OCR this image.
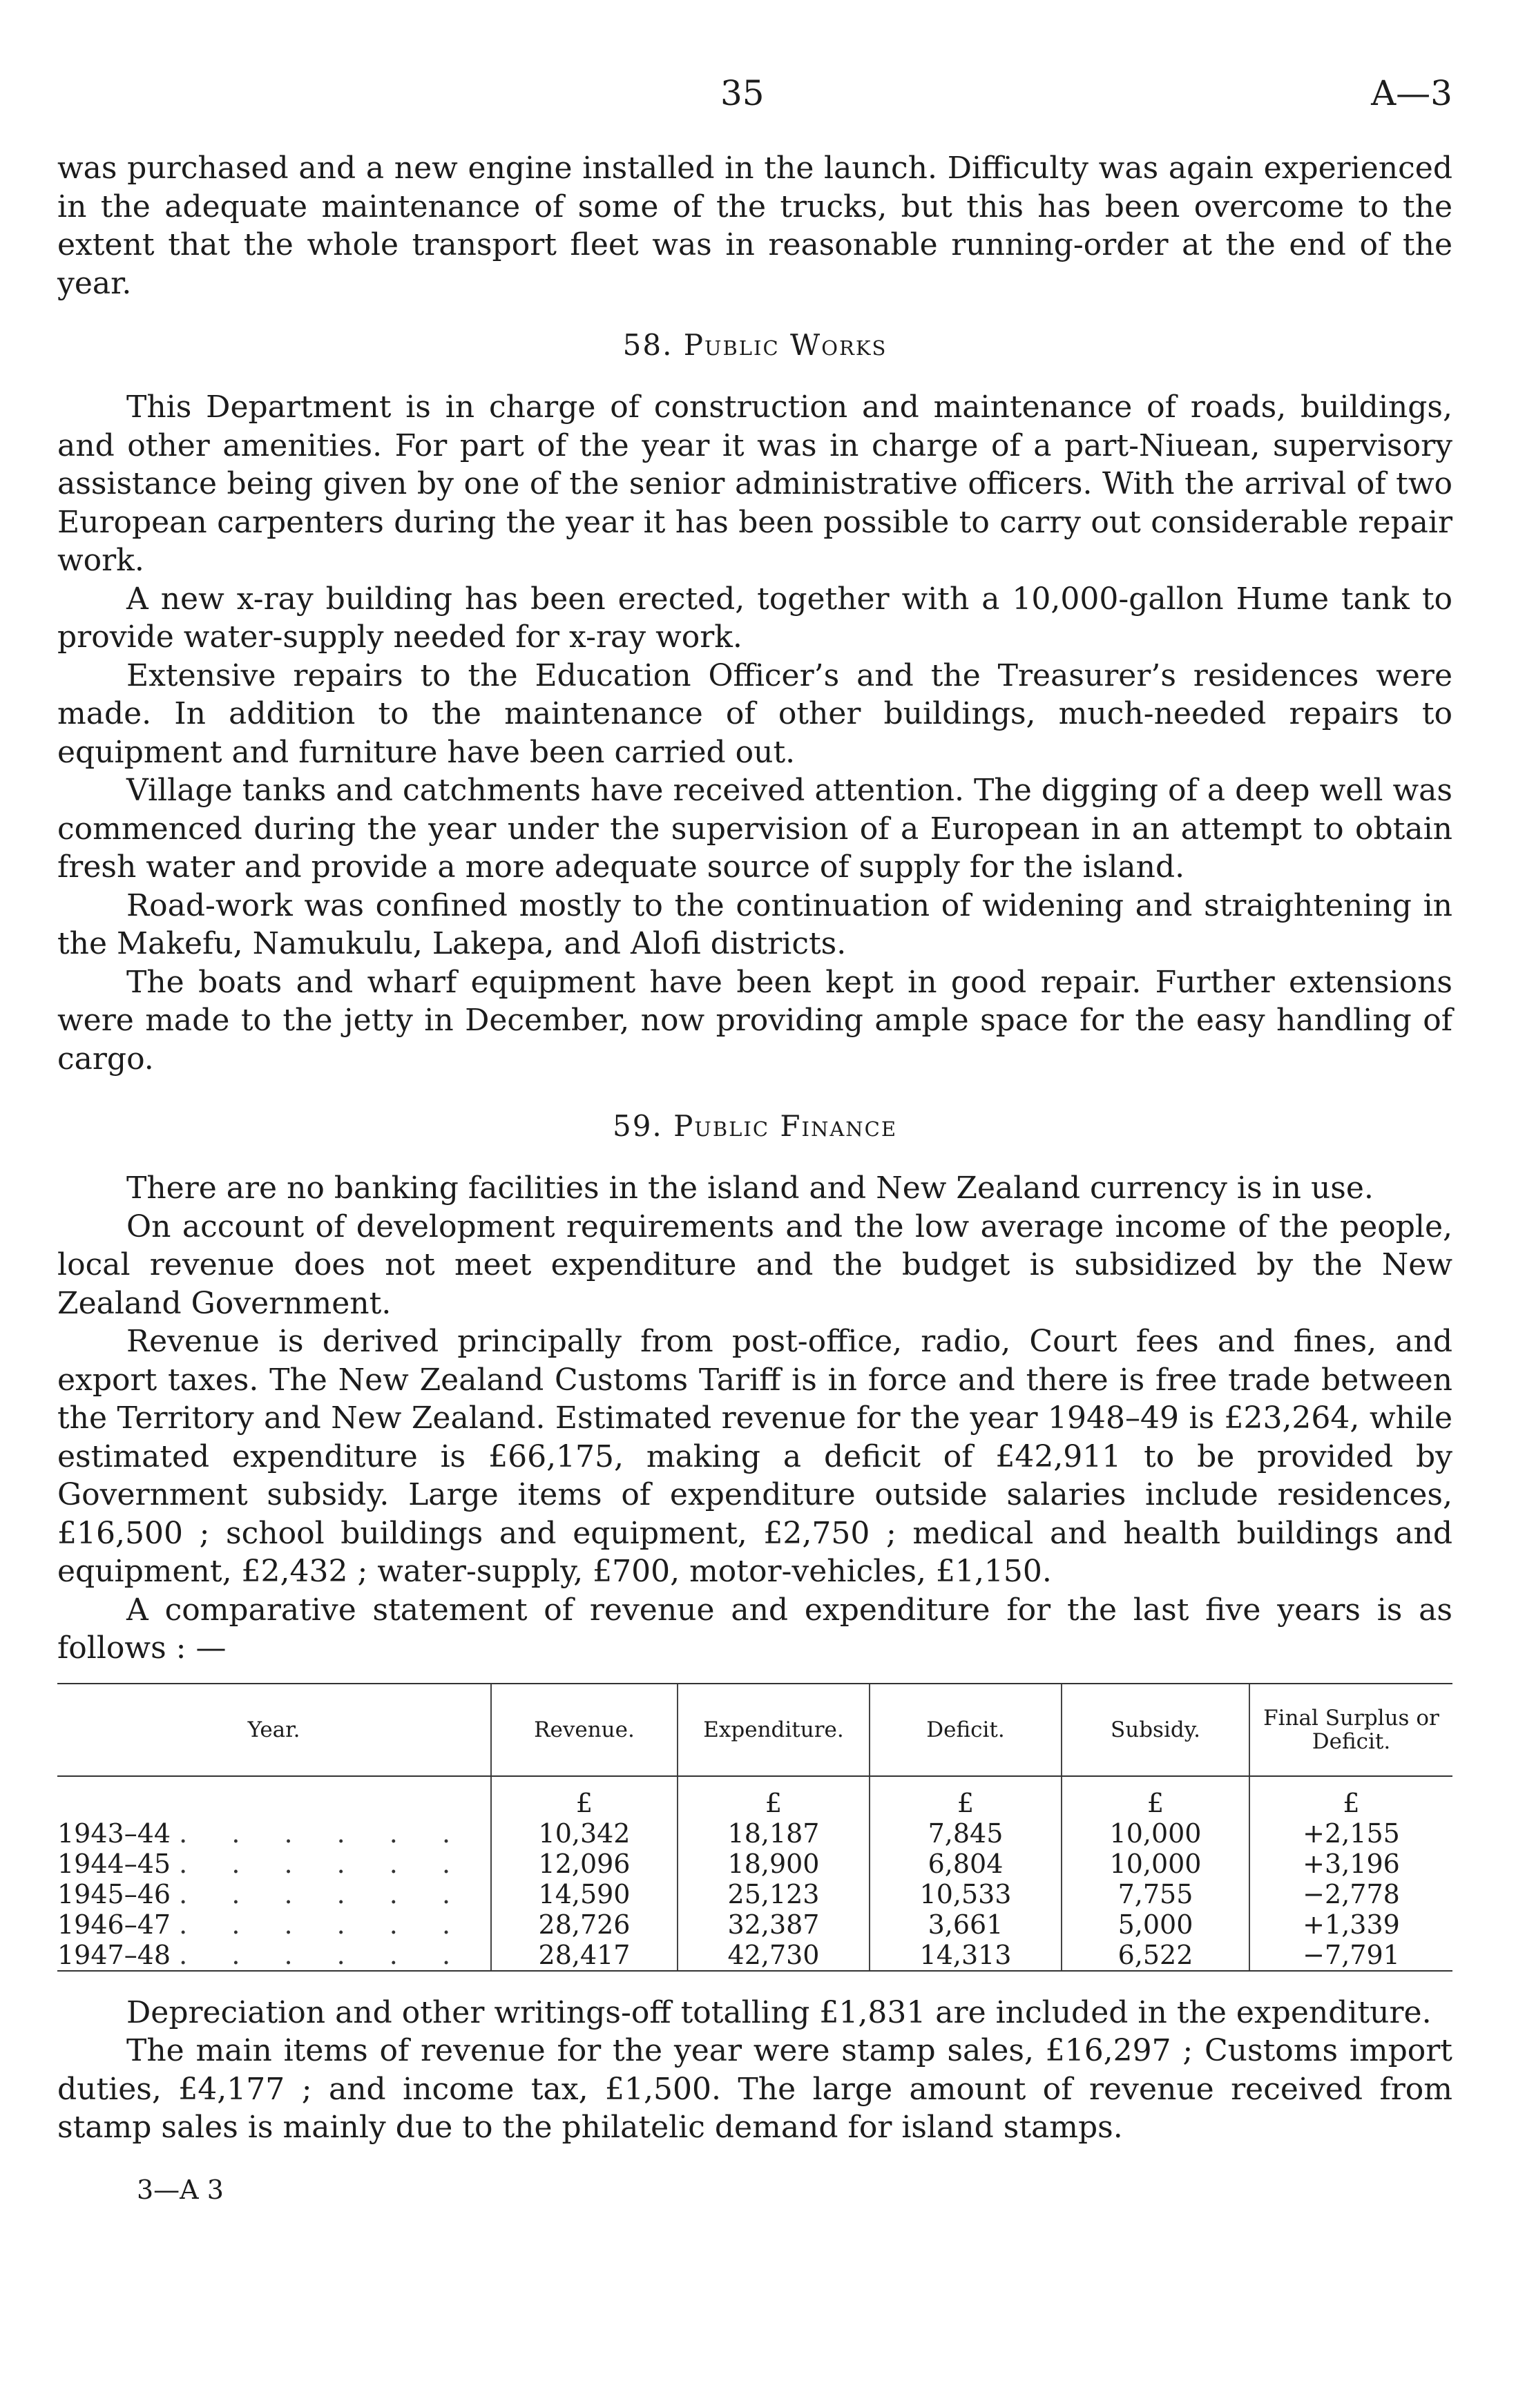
35	A—3

was purchased and a new engine installed in the launch. Difficulty was again experienced in the adequate maintenance of some of the trucks, but this has been overcome to the extent that the whole transport fleet was in reasonable running-order at the end of the year.

58. Public Works

This Department is in charge of construction and maintenance of roads, buildings, and other amenities. For part of the year it was in charge of a part-Niuean, supervisory assistance being given by one of the senior administrative officers. With the arrival of two European carpenters during the year it has been possible to carry out considerable repair work.

A new x-ray building has been erected, together with a 10,000-gallon Hume tank to provide water-supply needed for x-ray work.

Extensive repairs to the Education Officer’s and the Treasurer’s residences were made. In addition to the maintenance of other buildings, much-needed repairs to equipment and furniture have been carried out.

Village tanks and catchments have received attention. The digging of a deep well was commenced during the year under the supervision of a European in an attempt to obtain fresh water and provide a more adequate source of supply for the island.

Road-work was confined mostly to the continuation of widening and straightening in the Makefu, Namukulu, Lakepa, and Alofi districts.

The boats and wharf equipment have been kept in good repair. Further extensions were made to the jetty in December, now providing ample space for the easy handling of cargo.

59. Public Finance

There are no banking facilities in the island and New Zealand currency is in use.

On account of development requirements and the low average income of the people, local revenue does not meet expenditure and the budget is subsidized by the New Zealand Government.

Revenue is derived principally from post-office, radio, Court fees and fines, and export taxes. The New Zealand Customs Tariff is in force and there is free trade between the Territory and New Zealand. Estimated revenue for the year 1948–49 is £23,264, while estimated expenditure is £66,175, making a deficit of £42,911 to be provided by Government subsidy. Large items of expenditure outside salaries include residences, £16,500 ; school buildings and equipment, £2,750 ; medical and health buildings and equipment, £2,432 ; water-supply, £700, motor-vehicles, £1,150.

A comparative statement of revenue and expenditure for the last five years is as follows : —

Year.	Revenue.	Expenditure.	Deficit.	Subsidy.	Final Surplus or Deficit.
	£	£	£	£	£
1943–44 . . . . . .	10,342	18,187	7,845	10,000	+2,155
1944–45 . . . . . .	12,096	18,900	6,804	10,000	+3,196
1945–46 . . . . . .	14,590	25,123	10,533	7,755	−2,778
1946–47 . . . . . .	28,726	32,387	3,661	5,000	+1,339
1947–48 . . . . . .	28,417	42,730	14,313	6,522	−7,791

Depreciation and other writings-off totalling £1,831 are included in the expenditure.

The main items of revenue for the year were stamp sales, £16,297 ; Customs import duties, £4,177 ; and income tax, £1,500. The large amount of revenue received from stamp sales is mainly due to the philatelic demand for island stamps.

3—A 3
